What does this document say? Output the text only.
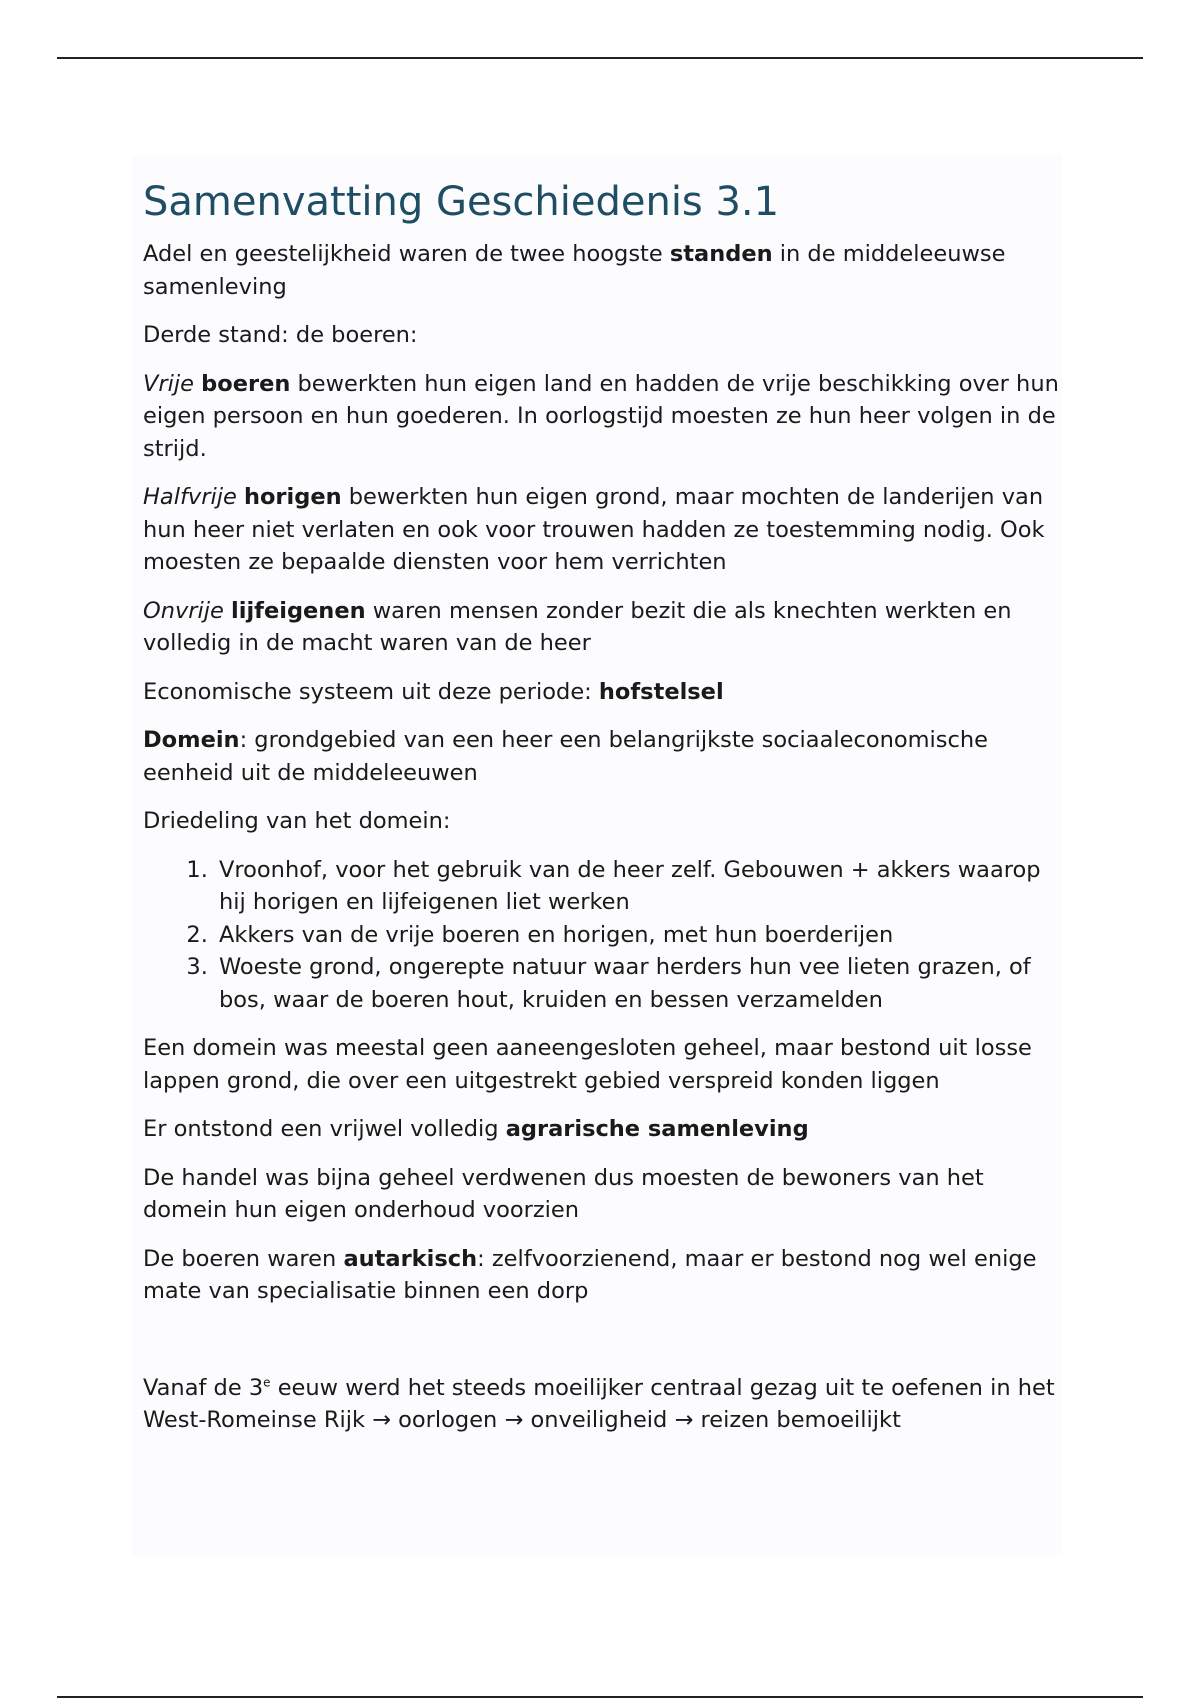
Samenvatting Geschiedenis 3.1

Adel en geestelijkheid waren de twee hoogste standen in de middeleeuwse samenleving

Derde stand: de boeren:

Vrije boeren bewerkten hun eigen land en hadden de vrije beschikking over hun eigen persoon en hun goederen. In oorlogstijd moesten ze hun heer volgen in de strijd.

Halfvrije horigen bewerkten hun eigen grond, maar mochten de landerijen van hun heer niet verlaten en ook voor trouwen hadden ze toestemming nodig. Ook moesten ze bepaalde diensten voor hem verrichten

Onvrije lijfeigenen waren mensen zonder bezit die als knechten werkten en volledig in de macht waren van de heer

Economische systeem uit deze periode: hofstelsel

Domein: grondgebied van een heer een belangrijkste sociaaleconomische eenheid uit de middeleeuwen

Driedeling van het domein:

1. Vroonhof, voor het gebruik van de heer zelf. Gebouwen + akkers waarop hij horigen en lijfeigenen liet werken
2. Akkers van de vrije boeren en horigen, met hun boerderijen
3. Woeste grond, ongerepte natuur waar herders hun vee lieten grazen, of bos, waar de boeren hout, kruiden en bessen verzamelden

Een domein was meestal geen aaneengesloten geheel, maar bestond uit losse lappen grond, die over een uitgestrekt gebied verspreid konden liggen

Er ontstond een vrijwel volledig agrarische samenleving

De handel was bijna geheel verdwenen dus moesten de bewoners van het domein hun eigen onderhoud voorzien

De boeren waren autarkisch: zelfvoorzienend, maar er bestond nog wel enige mate van specialisatie binnen een dorp

Vanaf de 3e eeuw werd het steeds moeilijker centraal gezag uit te oefenen in het West-Romeinse Rijk → oorlogen → onveiligheid → reizen bemoeilijkt
